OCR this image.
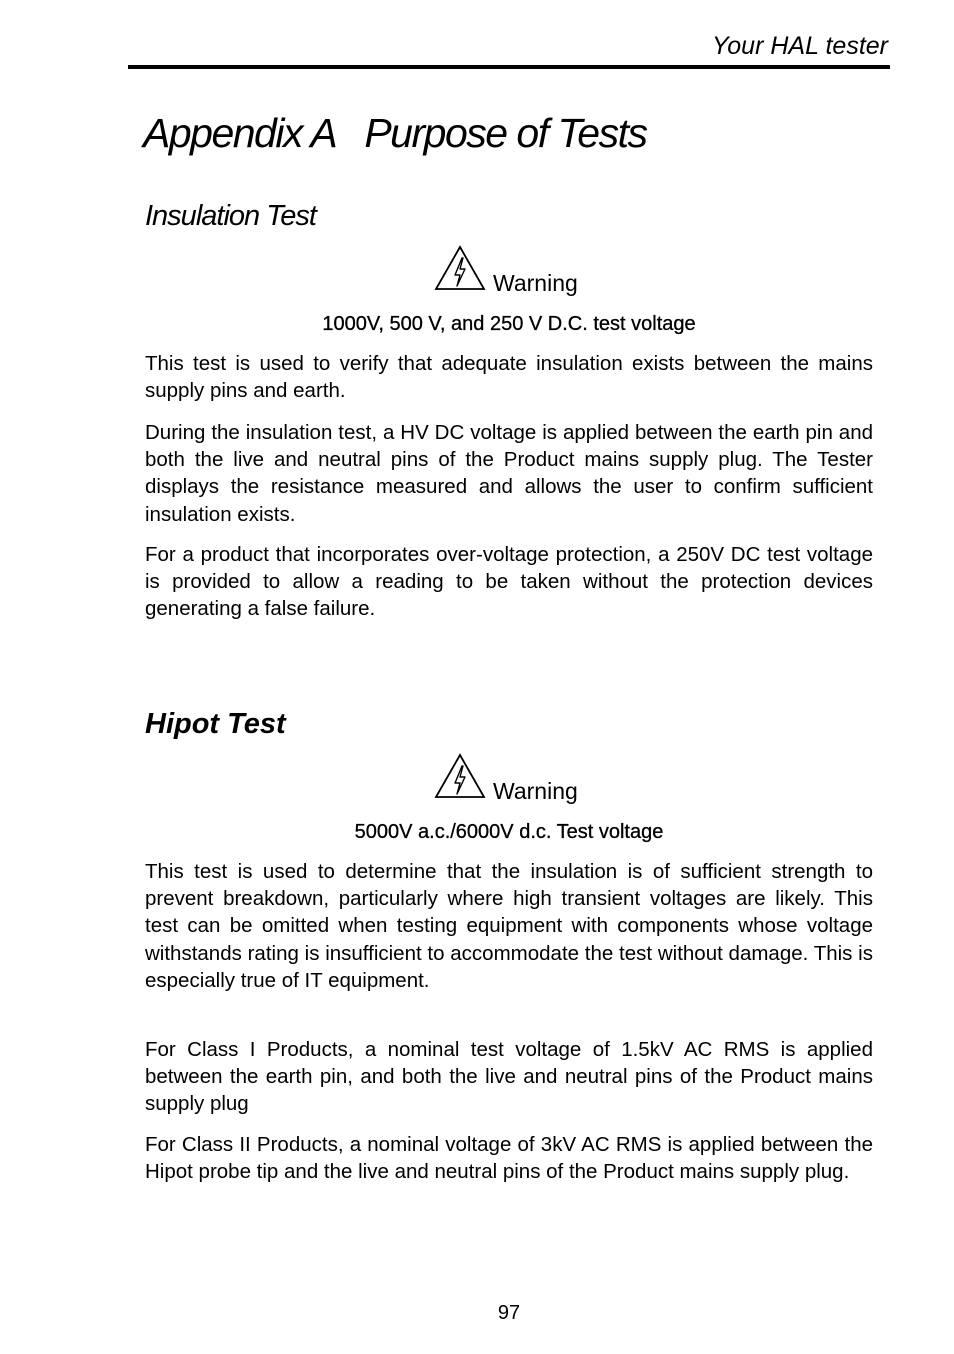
Your HAL tester
Appendix A   Purpose of Tests
Insulation Test
Warning
1000V, 500 V, and 250 V D.C. test voltage

This test is used to verify that adequate insulation exists between the mains supply pins and earth.

During the insulation test, a HV DC voltage is applied between the earth pin and both the live and neutral pins of the Product mains supply plug. The Tester displays the resistance measured and allows the user to confirm sufficient insulation exists.

For a product that incorporates over-voltage protection, a 250V DC test voltage is provided to allow a reading to be taken without the protection devices generating a false failure.

Hipot Test
Warning
5000V a.c./6000V d.c. Test voltage

This test is used to determine that the insulation is of sufficient strength to prevent breakdown, particularly where high transient voltages are likely. This test can be omitted when testing equipment with components whose voltage withstands rating is insufficient to accommodate the test without damage. This is especially true of IT equipment.

For Class I Products, a nominal test voltage of 1.5kV AC RMS is applied between the earth pin, and both the live and neutral pins of the Product mains supply plug

For Class II Products, a nominal voltage of 3kV AC RMS is applied between the Hipot probe tip and the live and neutral pins of the Product mains supply plug.

97
